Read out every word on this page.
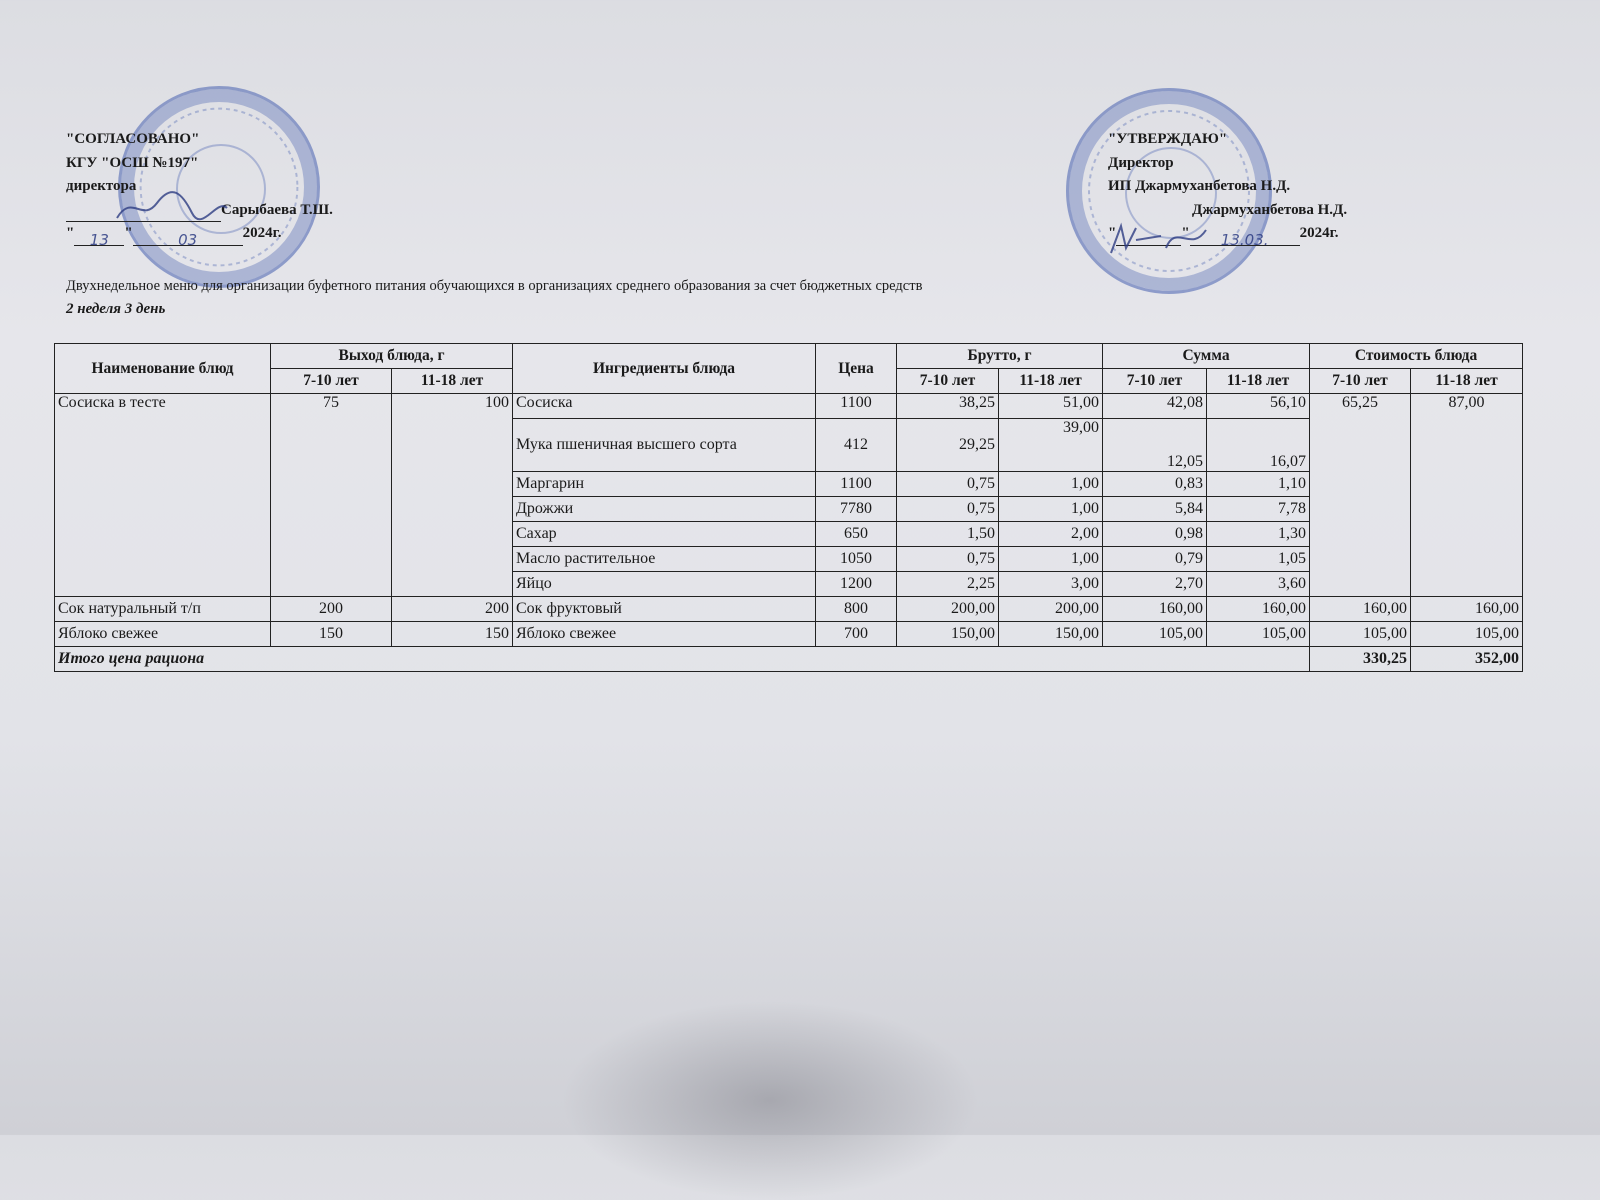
"СОГЛАСОВАНО"
КГУ "ОСШ №197"
директора
Сарыбаева Т.Ш.
" 13 "	03	2024г.
"УТВЕРЖДАЮ"
Директор
ИП Джармуханбетова Н.Д.
Джармуханбетова Н.Д.
"	" 13.03. 2024г.
Двухнедельное меню для организации буфетного питания обучающихся в организациях среднего образования за счет бюджетных средств
2 неделя 3 день
Наименование блюд	Выход блюда, г		Ингредиенты блюда	Цена	Брутто, г		Сумма		Стоимость блюда	
	7-10 лет	11-18 лет			7-10 лет	11-18 лет	7-10 лет	11-18 лет	7-10 лет	11-18 лет
Сосиска в тесте	75	100	Сосиска	1100	38,25	51,00	42,08	56,10	65,25	87,00
			Мука пшеничная высшего сорта	412	29,25	39,00	12,05	16,07		
			Маргарин	1100	0,75	1,00	0,83	1,10		
			Дрожжи	7780	0,75	1,00	5,84	7,78		
			Сахар	650	1,50	2,00	0,98	1,30		
			Масло растительное	1050	0,75	1,00	0,79	1,05		
			Яйцо	1200	2,25	3,00	2,70	3,60		
Сок натуральный т/п	200	200	Сок фруктовый	800	200,00	200,00	160,00	160,00	160,00	160,00
Яблоко свежее	150	150	Яблоко свежее	700	150,00	150,00	105,00	105,00	105,00	105,00
Итого цена рациона									330,25	352,00
